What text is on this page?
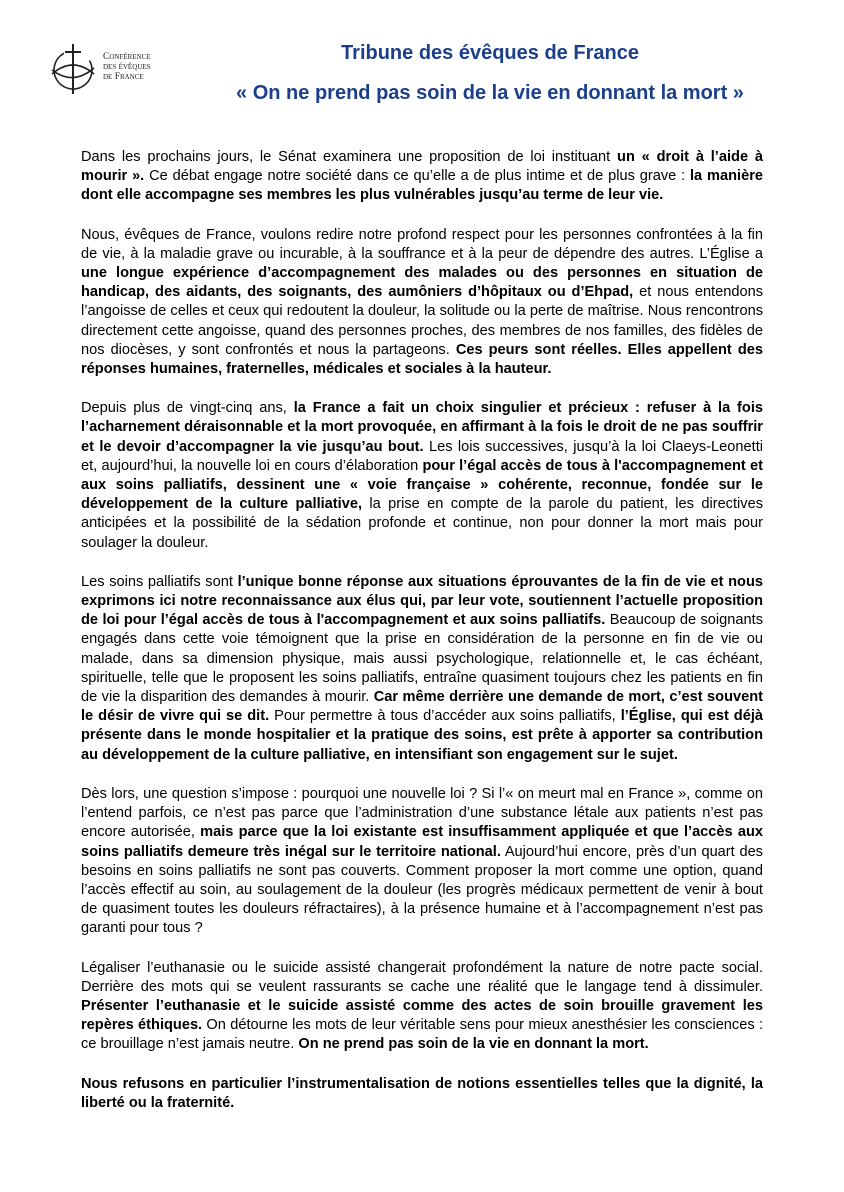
Conférence
des évêques
de France
Tribune des évêques de France
« On ne prend pas soin de la vie en donnant la mort »

Dans les prochains jours, le Sénat examinera une proposition de loi instituant un « droit à l’aide à mourir ». Ce débat engage notre société dans ce qu’elle a de plus intime et de plus grave : la manière dont elle accompagne ses membres les plus vulnérables jusqu’au terme de leur vie.

Nous, évêques de France, voulons redire notre profond respect pour les personnes confrontées à la fin de vie, à la maladie grave ou incurable, à la souffrance et à la peur de dépendre des autres. L’Église a une longue expérience d’accompagnement des malades ou des personnes en situation de handicap, des aidants, des soignants, des aumôniers d’hôpitaux ou d’Ehpad, et nous entendons l’angoisse de celles et ceux qui redoutent la douleur, la solitude ou la perte de maîtrise. Nous rencontrons directement cette angoisse, quand des personnes proches, des membres de nos familles, des fidèles de nos diocèses, y sont confrontés et nous la partageons. Ces peurs sont réelles. Elles appellent des réponses humaines, fraternelles, médicales et sociales à la hauteur.

Depuis plus de vingt-cinq ans, la France a fait un choix singulier et précieux : refuser à la fois l’acharnement déraisonnable et la mort provoquée, en affirmant à la fois le droit de ne pas souffrir et le devoir d’accompagner la vie jusqu’au bout. Les lois successives, jusqu’à la loi Claeys-Leonetti et, aujourd’hui, la nouvelle loi en cours d’élaboration pour l’égal accès de tous à l'accompagnement et aux soins palliatifs, dessinent une « voie française » cohérente, reconnue, fondée sur le développement de la culture palliative, la prise en compte de la parole du patient, les directives anticipées et la possibilité de la sédation profonde et continue, non pour donner la mort mais pour soulager la douleur.

Les soins palliatifs sont l’unique bonne réponse aux situations éprouvantes de la fin de vie et nous exprimons ici notre reconnaissance aux élus qui, par leur vote, soutiennent l’actuelle proposition de loi pour l’égal accès de tous à l'accompagnement et aux soins palliatifs. Beaucoup de soignants engagés dans cette voie témoignent que la prise en considération de la personne en fin de vie ou malade, dans sa dimension physique, mais aussi psychologique, relationnelle et, le cas échéant, spirituelle, telle que le proposent les soins palliatifs, entraîne quasiment toujours chez les patients en fin de vie la disparition des demandes à mourir. Car même derrière une demande de mort, c’est souvent le désir de vivre qui se dit. Pour permettre à tous d’accéder aux soins palliatifs, l’Église, qui est déjà présente dans le monde hospitalier et la pratique des soins, est prête à apporter sa contribution au développement de la culture palliative, en intensifiant son engagement sur le sujet.

Dès lors, une question s’impose : pourquoi une nouvelle loi ? Si l’« on meurt mal en France », comme on l’entend parfois, ce n’est pas parce que l’administration d’une substance létale aux patients n’est pas encore autorisée, mais parce que la loi existante est insuffisamment appliquée et que l’accès aux soins palliatifs demeure très inégal sur le territoire national. Aujourd’hui encore, près d’un quart des besoins en soins palliatifs ne sont pas couverts. Comment proposer la mort comme une option, quand l’accès effectif au soin, au soulagement de la douleur (les progrès médicaux permettent de venir à bout de quasiment toutes les douleurs réfractaires), à la présence humaine et à l’accompagnement n’est pas garanti pour tous ?

Légaliser l’euthanasie ou le suicide assisté changerait profondément la nature de notre pacte social. Derrière des mots qui se veulent rassurants se cache une réalité que le langage tend à dissimuler. Présenter l’euthanasie et le suicide assisté comme des actes de soin brouille gravement les repères éthiques. On détourne les mots de leur véritable sens pour mieux anesthésier les consciences : ce brouillage n’est jamais neutre. On ne prend pas soin de la vie en donnant la mort.

Nous refusons en particulier l’instrumentalisation de notions essentielles telles que la dignité, la liberté ou la fraternité.
